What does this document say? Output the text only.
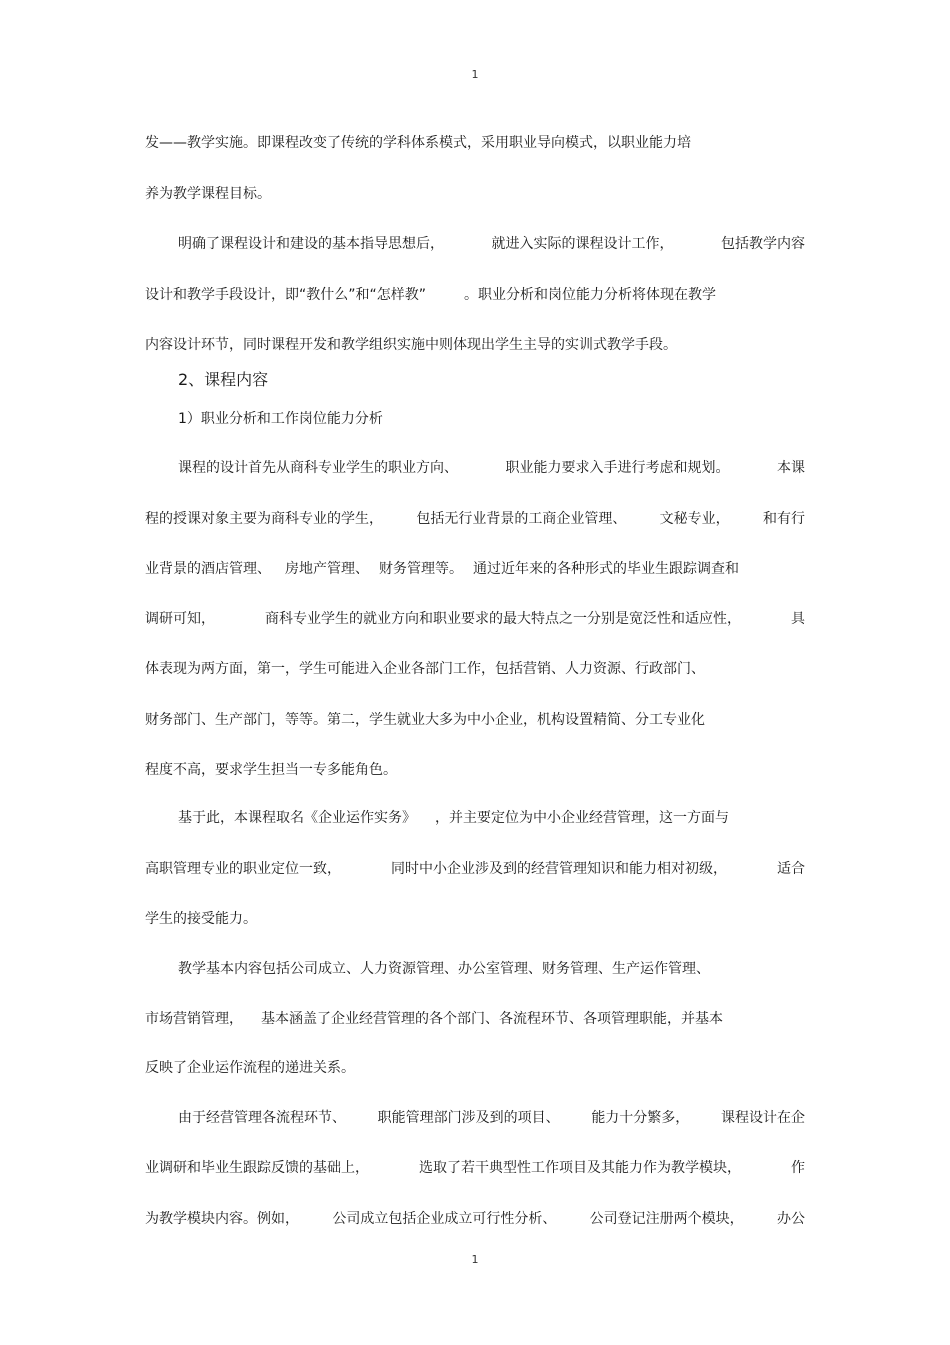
1
发——教学实施。即课程改变了传统的学科体系模式，采用职业导向模式，以职业能力培
养为教学课程目标。
明确了课程设计和建设的基本指导思想后，	就进入实际的课程设计工作，	包括教学内容
设计和教学手段设计，即“教什么”和“怎样教”	。职业分析和岗位能力分析将体现在教学
内容设计环节，同时课程开发和教学组织实施中则体现出学生主导的实训式教学手段。
2、课程内容
1）职业分析和工作岗位能力分析
课程的设计首先从商科专业学生的职业方向、	职业能力要求入手进行考虑和规划。	本课
程的授课对象主要为商科专业的学生， 包括无行业背景的工商企业管理、 文秘专业， 和有行
业背景的酒店管理、 房地产管理、 财务管理等。 通过近年来的各种形式的毕业生跟踪调查和
调研可知，	商科专业学生的就业方向和职业要求的最大特点之一分别是宽泛性和适应性，	具
体表现为两方面，第一，学生可能进入企业各部门工作，包括营销、人力资源、行政部门、
财务部门、生产部门，等等。第二，学生就业大多为中小企业，机构设置精简、分工专业化
程度不高，要求学生担当一专多能角色。
基于此，本课程取名《企业运作实务》 ，并主要定位为中小企业经营管理，这一方面与
高职管理专业的职业定位一致，	同时中小企业涉及到的经营管理知识和能力相对初级，	适合
学生的接受能力。
教学基本内容包括公司成立、人力资源管理、办公室管理、财务管理、生产运作管理、
市场营销管理， 基本涵盖了企业经营管理的各个部门、各流程环节、各项管理职能，并基本
反映了企业运作流程的递进关系。
由于经营管理各流程环节、 职能管理部门涉及到的项目、 能力十分繁多， 课程设计在企
业调研和毕业生跟踪反馈的基础上，	选取了若干典型性工作项目及其能力作为教学模块，	作
为教学模块内容。例如， 公司成立包括企业成立可行性分析、 公司登记注册两个模块， 办公
1
